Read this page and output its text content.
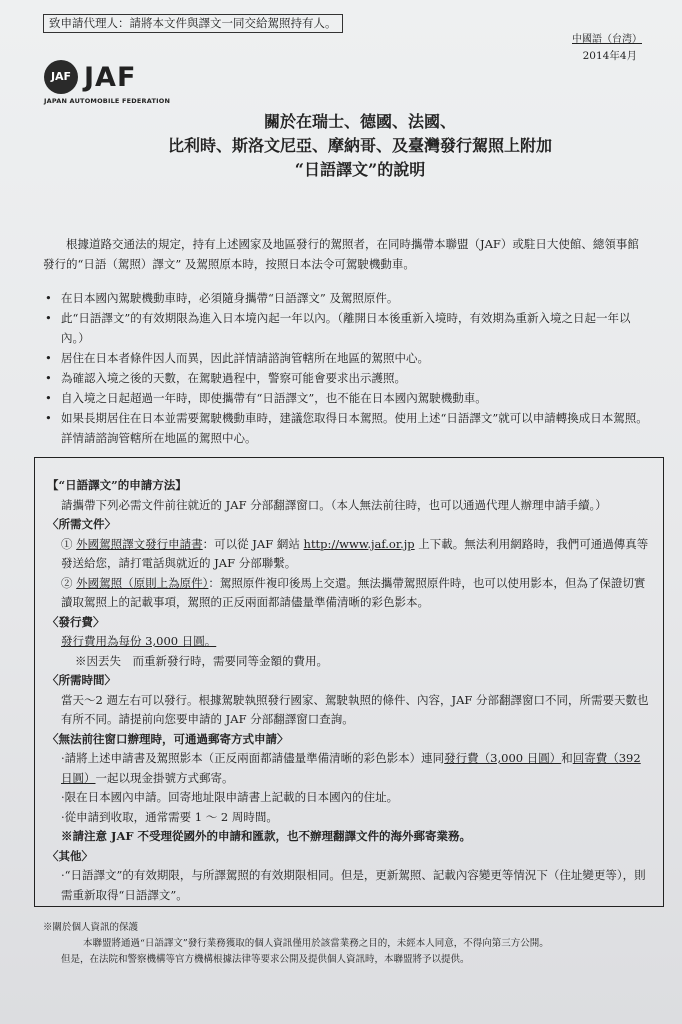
致申請代理人：請將本文件與譯文一同交給駕照持有人。
中國語（台湾）
2014年4月
JAF JAF
JAPAN AUTOMOBILE FEDERATION
關於在瑞士、德國、法國、
比利時、斯洛文尼亞、摩納哥、及臺灣發行駕照上附加
“日語譯文”的說明
根據道路交通法的規定，持有上述國家及地區發行的駕照者，在同時攜帶本聯盟（JAF）或駐日大使館、總領事館發行的“日語（駕照）譯文” 及駕照原本時，按照日本法令可駕駛機動車。
• 在日本國內駕駛機動車時，必須隨身攜帶“日語譯文” 及駕照原件。
• 此“日語譯文”的有效期限為進入日本境內起一年以內。（離開日本後重新入境時，有效期為重新入境之日起一年以內。）
• 居住在日本者條件因人而異，因此詳情請諮詢管轄所在地區的駕照中心。
• 為確認入境之後的天數，在駕駛過程中，警察可能會要求出示護照。
• 自入境之日起超過一年時，即使攜帶有“日語譯文”，也不能在日本國內駕駛機動車。
• 如果長期居住在日本並需要駕駛機動車時，建議您取得日本駕照。使用上述“日語譯文”就可以申請轉換成日本駕照。詳情請諮詢管轄所在地區的駕照中心。
【“日語譯文”的申請方法】
請攜帶下列必需文件前往就近的 JAF 分部翻譯窗口。（本人無法前往時，也可以通過代理人辦理申請手續。）
〈所需文件〉
① 外國駕照譯文發行申請書：可以從 JAF 網站 http://www.jaf.or.jp 上下載。無法利用網路時，我們可通過傳真等發送給您，請打電話與就近的 JAF 分部聯繫。
② 外國駕照（原則上為原件）：駕照原件複印後馬上交還。無法攜帶駕照原件時，也可以使用影本，但為了保證切實讀取駕照上的記載事項，駕照的正反兩面都請儘量準備清晰的彩色影本。
〈發行費〉
發行費用為每份 3,000 日圓。
※因丟失　而重新發行時，需要同等金額的費用。
〈所需時間〉
當天～2 週左右可以發行。根據駕駛執照發行國家、駕駛執照的條件、內容，JAF 分部翻譯窗口不同，所需要天數也有所不同。請提前向您要申請的 JAF 分部翻譯窗口查詢。
〈無法前往窗口辦理時，可通過郵寄方式申請〉
·請將上述申請書及駕照影本（正反兩面都請儘量準備清晰的彩色影本）連同發行費（3,000 日圓）和回寄費（392 日圓）一起以現金掛號方式郵寄。
·限在日本國內申請。回寄地址限申請書上記載的日本國內的住址。
·從申請到收取，通常需要 1 ～ 2 周時間。
※請注意 JAF 不受理從國外的申請和匯款，也不辦理翻譯文件的海外郵寄業務。
〈其他〉
·“日語譯文”的有效期限，与所譯駕照的有效期限相同。但是，更新駕照、記載內容變更等情況下（住址變更等），則需重新取得“日語譯文”。
※關於個人資訊的保護
本聯盟將通過“日語譯文”發行業務獲取的個人資訊僅用於該當業務之目的，未經本人同意，不得向第三方公開。
但是，在法院和警察機構等官方機構根據法律等要求公開及提供個人資訊時，本聯盟將予以提供。
